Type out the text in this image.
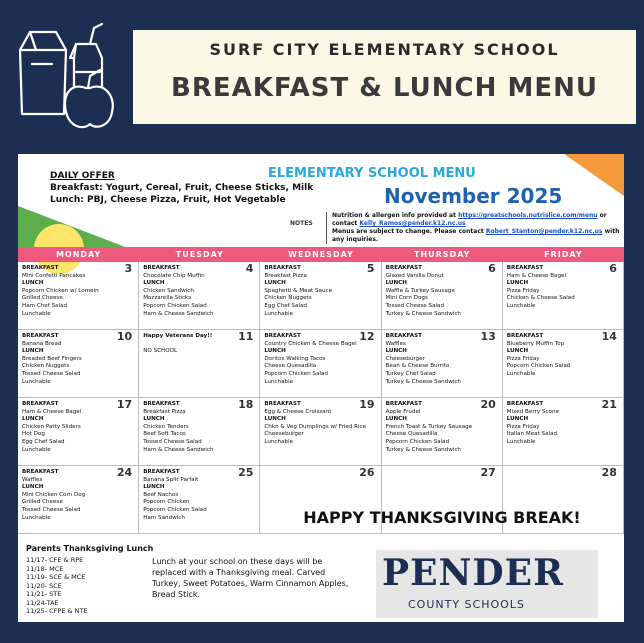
SURF CITY ELEMENTARY SCHOOL
BREAKFAST & LUNCH MENU
DAILY OFFER
Breakfast: Yogurt, Cereal, Fruit, Cheese Sticks, Milk
Lunch: PBJ, Cheese Pizza, Fruit, Hot Vegetable
ELEMENTARY SCHOOL MENU
November 2025
NOTES
Nutrition & allergen info provided at https://greatschools.nutrislice.com/menu or contact Kelly_Ramos@pender.k12.nc.us
Menus are subject to change. Please contact Robert_Stanton@pender.k12.nc.us with any inquiries.
MONDAY	TUESDAY	WEDNESDAY	THURSDAY	FRIDAY
3
BREAKFAST
Mini Confetti Pancakes
LUNCH
Popcorn Chicken w/ Lomein
Grilled Cheese
Ham Chef Salad
Lunchable
4
BREAKFAST
Chocolate Chip Muffin
LUNCH
Chicken Sandwich
Mozzarella Sticks
Popcorn Chicken Salad
Ham & Cheese Sandwich
5
BREAKFAST
Breakfast Pizza
LUNCH
Spaghetti & Meat Sauce
Chicken Nuggets
Egg Chef Salad
Lunchable
6
BREAKFAST
Glazed Vanilla Donut
LUNCH
Waffle & Turkey Sausage
Mini Corn Dogs
Tossed Cheese Salad
Turkey & Cheese Sandwich
6
BREAKFAST
Ham & Cheese Bagel
LUNCH
Pizza Friday
Chicken & Cheese Salad
Lunchable
10
BREAKFAST
Banana Bread
LUNCH
Breaded Beef Fingers
Chicken Nuggets
Tossed Cheese Salad
Lunchable
11
Happy Veterans Day!!

NO SCHOOL
12
BREAKFAST
Country Chicken & Cheese Bagel
LUNCH
Doritos Walking Tacos
Cheese Quesadilla
Popcorn Chicken Salad
Lunchable
13
BREAKFAST
Waffles
LUNCH
Cheeseburger
Bean & Cheese Burrito
Turkey Chef Salad
Turkey & Cheese Sandwich
14
BREAKFAST
Blueberry Muffin Top
LUNCH
Pizza Friday
Popcorn Chicken Salad
Lunchable
17
BREAKFAST
Ham & Cheese Bagel
LUNCH
Chicken Patty Sliders
Hot Dog
Egg Chef Salad
Lunchable
18
BREAKFAST
Breakfast Pizza
LUNCH
Chicken Tenders
Beef Soft Tacos
Tossed Cheese Salad
Ham & Cheese Sandwich
19
BREAKFAST
Egg & Cheese Croissant
LUNCH
Chkn & Veg Dumplings w/ Fried Rice
Cheeseburger
Lunchable
20
BREAKFAST
Apple Frudel
LUNCH
French Toast & Turkey Sausage
Cheese Quesadilla
Popcorn Chicken Salad
Turkey & Cheese Sandwich
21
BREAKFAST
Mixed Berry Scone
LUNCH
Pizza Friday
Italian Meat Salad
Lunchable
24
BREAKFAST
Waffles
LUNCH
Mini Chicken Corn Dog
Grilled Cheese
Tossed Cheese Salad
Lunchable
25
BREAKFAST
Banana Split Parfait
LUNCH
Beef Nachos
Popcorn Chicken
Popcorn Chicken Salad
Ham Sandwich
26	27	28
HAPPY THANKSGIVING BREAK!
Parents Thanksgiving Lunch
11/17- CFE & RPE
11/18- MCE
11/19- SCE & MCE
11/20- SCE
11/21- STE
11/24-TAE
11/25- CFPE & NTE
Lunch at your school on these days will be replaced with a Thanksgiving meal. Carved Turkey, Sweet Potatoes, Warm Cinnamon Apples, Bread Stick.
PENDER
COUNTY SCHOOLS
